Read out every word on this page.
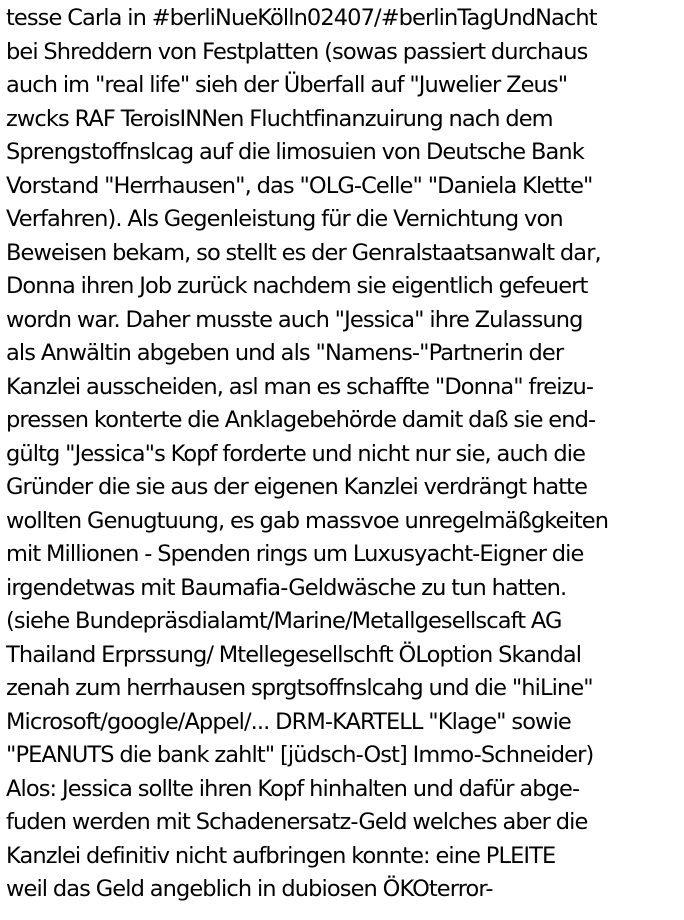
tesse Carla in #berliNueKölln02407/#berlinTagUndNacht
bei Shreddern von Festplatten (sowas passiert durchaus
auch im "real life" sieh der Überfall auf "Juwelier Zeus"
zwcks RAF TeroisINNen Fluchtfinanzuirung nach dem
Sprengstoffnslcag auf die limosuien von Deutsche Bank
Vorstand "Herrhausen", das "OLG-Celle" "Daniela Klette"
Verfahren). Als Gegenleistung für die Vernichtung von
Beweisen bekam, so stellt es der Genralstaatsanwalt dar,
Donna ihren Job zurück nachdem sie eigentlich gefeuert
wordn war. Daher musste auch "Jessica" ihre Zulassung
als Anwältin abgeben und als "Namens-"Partnerin der
Kanzlei ausscheiden, asl man es schaffte "Donna" freizu-
pressen konterte die Anklagebehörde damit daß sie end-
gültg "Jessica"s Kopf forderte und nicht nur sie, auch die
Gründer die sie aus der eigenen Kanzlei verdrängt hatte
wollten Genugtuung, es gab massvoe unregelmäßgkeiten
mit Millionen - Spenden rings um Luxusyacht-Eigner die
irgendetwas mit Baumafia-Geldwäsche zu tun hatten.
(siehe Bundepräsdialamt/Marine/Metallgesellscaft AG
Thailand Erprssung/ Mtellegesellschft ÖLoption Skandal
zenah zum herrhausen sprgtsoffnslcahg und die "hiLine"
Microsoft/google/Appel/... DRM-KARTELL "Klage" sowie
"PEANUTS die bank zahlt" [jüdsch-Ost] Immo-Schneider)
Alos: Jessica sollte ihren Kopf hinhalten und dafür abge-
fuden werden mit Schadenersatz-Geld welches aber die
Kanzlei definitiv nicht aufbringen konnte: eine PLEITE
weil das Geld angeblich in dubiosen ÖKOterror-
